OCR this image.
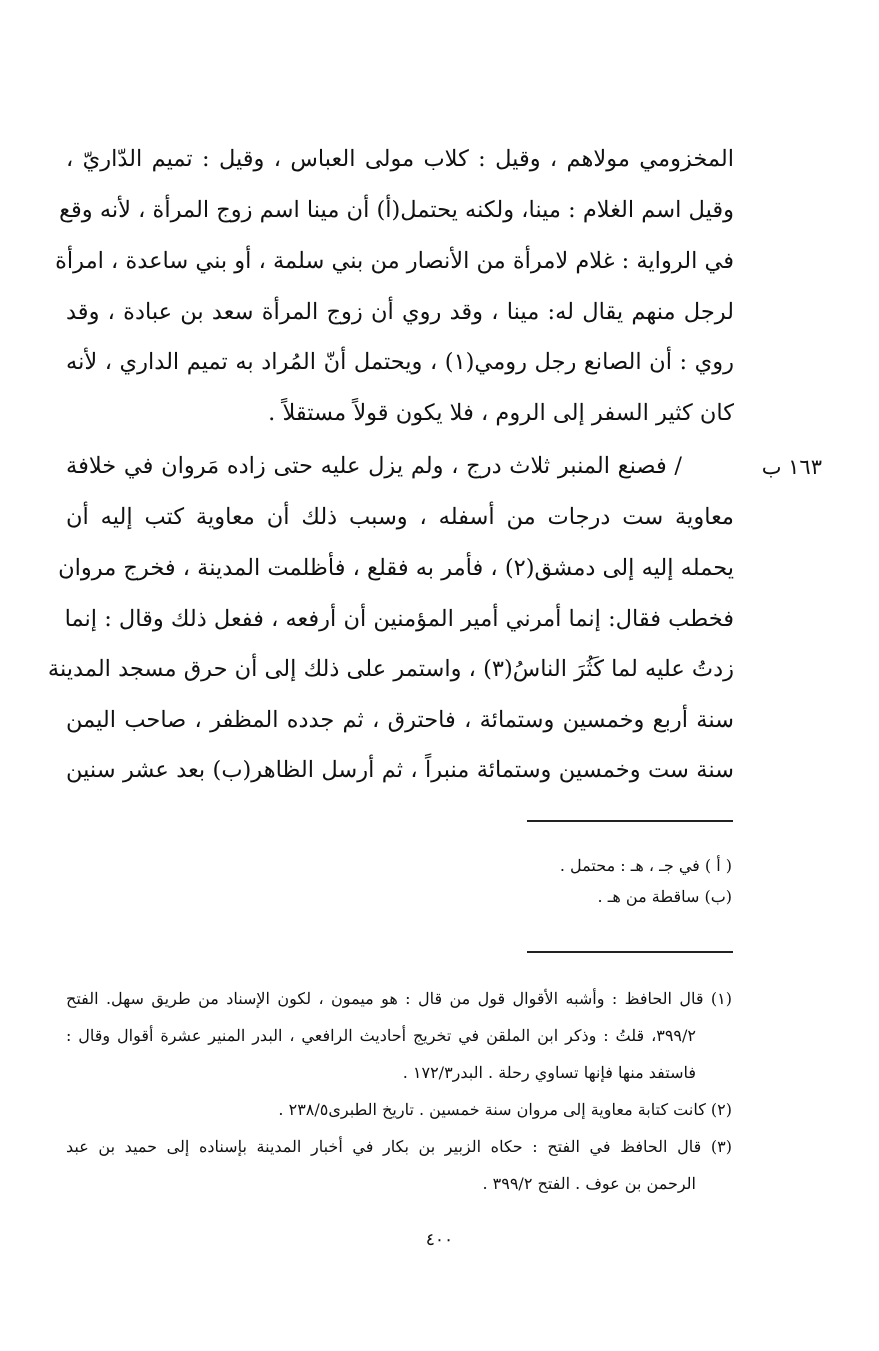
المخزومي مولاهم ، وقيل : كلاب مولى العباس ، وقيل : تميم الدّاريّ ،
وقيل اسم الغلام : مينا، ولكنه يحتمل(أ) أن مينا اسم زوج المرأة ، لأنه وقع
في الرواية : غلام لامرأة من الأنصار من بني سلمة ، أو بني ساعدة ، امرأة
لرجل منهم يقال له: مينا ، وقد روي أن زوج المرأة سعد بن عبادة ، وقد
روي : أن الصانع رجل رومي(١) ، ويحتمل أنّ المُراد به تميم الداري ، لأنه
كان كثير السفر إلى الروم ، فلا يكون قولاً مستقلاً .
١٦٣ ب
/ فصنع المنبر ثلاث درج ، ولم يزل عليه حتى زاده مَروان في خلافة
معاوية ست درجات من أسفله ، وسبب ذلك أن معاوية كتب إليه أن
يحمله إليه إلى دمشق(٢) ، فأمر به فقلع ، فأظلمت المدينة ، فخرج مروان
فخطب فقال: إنما أمرني أمير المؤمنين أن أرفعه ، ففعل ذلك وقال : إنما
زدتُ عليه لما كَثُرَ الناسُ(٣) ، واستمر على ذلك إلى أن حرق مسجد المدينة
سنة أربع وخمسين وستمائة ، فاحترق ، ثم جدده المظفر ، صاحب اليمن
سنة ست وخمسين وستمائة منبراً ، ثم أرسل الظاهر(ب) بعد عشر سنين
( أ ) في جـ ، هـ : محتمل .
(ب) ساقطة من هـ .
(١) قال الحافظ : وأشبه الأقوال قول من قال : هو ميمون ، لكون الإسناد من طريق سهل. الفتح
٣٩٩/٢، قلتُ : وذكر ابن الملقن في تخريج أحاديث الرافعي ، البدر المنير عشرة أقوال وقال :
فاستفد منها فإنها تساوي رحلة . البدر١٧٢/٣ .
(٢) كانت كتابة معاوية إلى مروان سنة خمسين . تاريخ الطبرى٢٣٨/٥ .
(٣) قال الحافظ في الفتح : حكاه الزبير بن بكار في أخبار المدينة بإسناده إلى حميد بن عبد
الرحمن بن عوف . الفتح ٣٩٩/٢ .
٤٠٠
